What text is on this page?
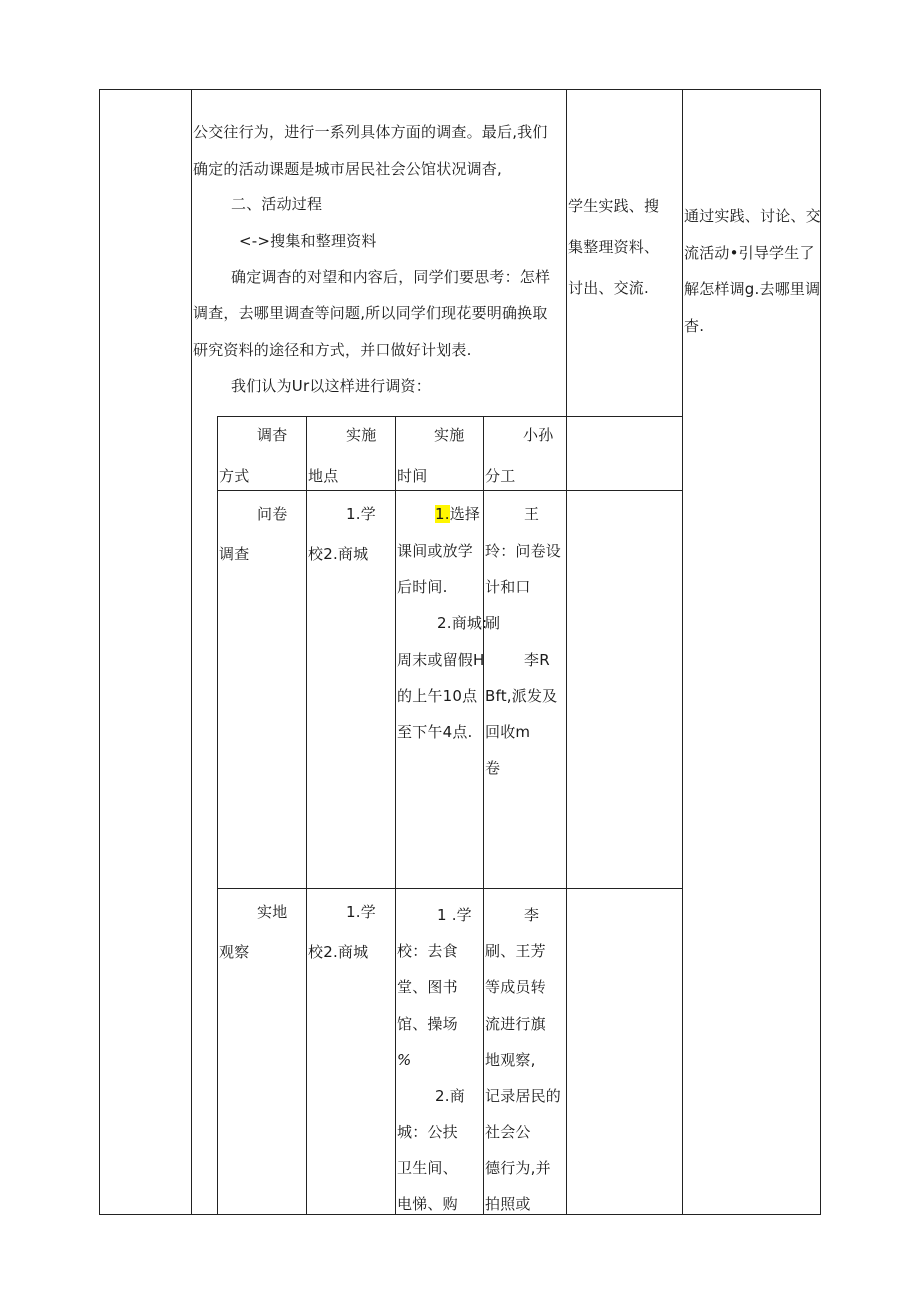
公交往行为，进行一系列具体方面的调查。最后,我们
确定的活动课题是城市居民社会公馆状况调杳,
二、活动过程
<->搜集和整理资料
确定调杳的对望和内容后，同学们要思考：怎样
调查，去哪里调查等问题,所以同学们现花要明确换取
研究资料的途径和方式，并口做好计划表.
我们认为Ur以这样进行调资：
学生实践、搜
集整理资料、
讨出、交流.
通过实践、讨论、交
流活动•引导学生了
解怎样调g.去哪里调
杳.
调杳
方式
实施
地点
实施
时间
小孙
分工
问卷
调查
1.学
校2.商城
1.选择
课间或放学
后时间.
2.商城:
周末或留假H
的上午10点
至下午4点.
王
玲：问卷设
计和口
刷
李R
Bft,派发及
回收m
卷
实地
观察
1.学
校2.商城
1 .学
校：去食
堂、图书
馆、操场
%
2.商
城：公扶
卫生间、
电悌、购
李
刷、王芳
等成员转
流进行旗
地观察,
记录居民的
社会公
德行为,并
拍照或
